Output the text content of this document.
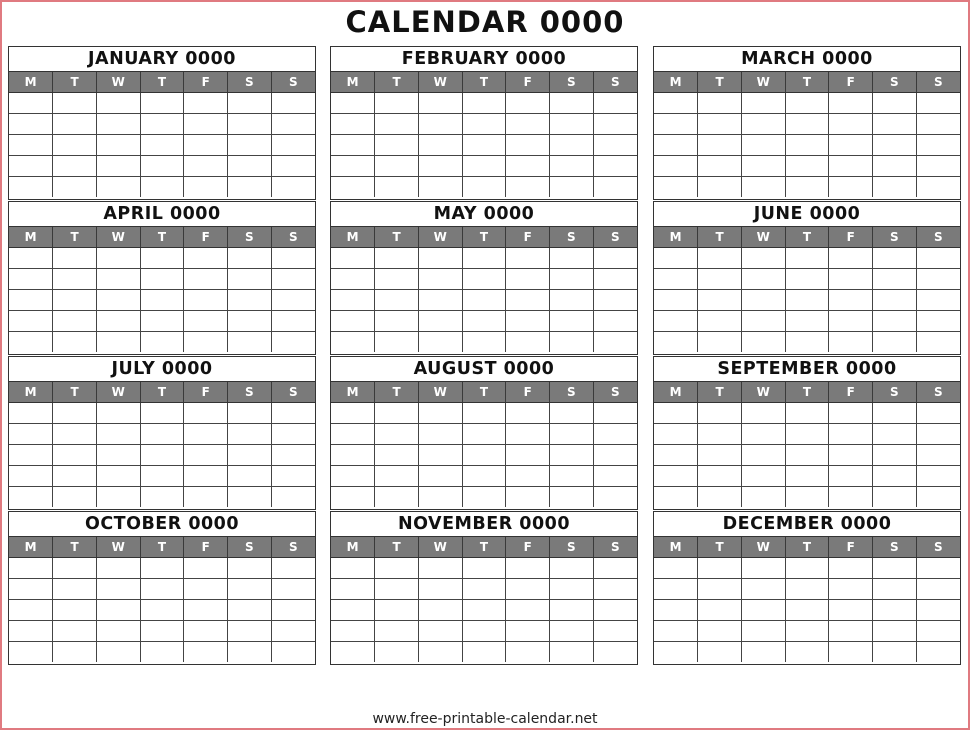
CALENDAR 0000
JANUARY 0000
M	T	W	T	F	S	S

FEBRUARY 0000
M	T	W	T	F	S	S

MARCH 0000
M	T	W	T	F	S	S

APRIL 0000
M	T	W	T	F	S	S

MAY 0000
M	T	W	T	F	S	S

JUNE 0000
M	T	W	T	F	S	S

JULY 0000
M	T	W	T	F	S	S

AUGUST 0000
M	T	W	T	F	S	S

SEPTEMBER 0000
M	T	W	T	F	S	S

OCTOBER 0000
M	T	W	T	F	S	S

NOVEMBER 0000
M	T	W	T	F	S	S

DECEMBER 0000
M	T	W	T	F	S	S

www.free-printable-calendar.net
